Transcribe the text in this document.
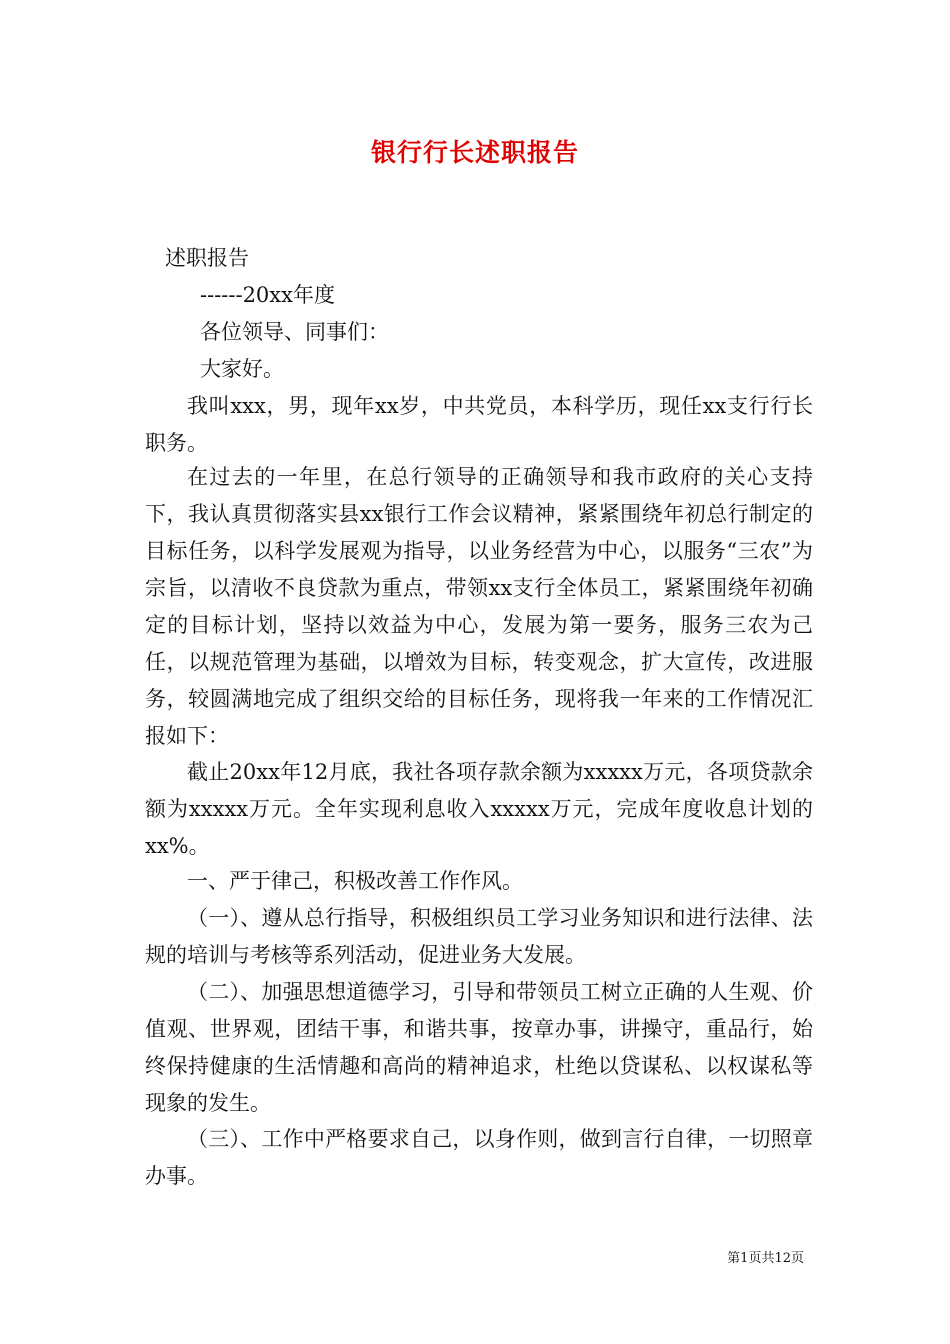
银行行长述职报告

述职报告

------20xx年度

各位领导、同事们：

大家好。

我叫xxx，男，现年xx岁，中共党员，本科学历，现任xx支行行长职务。

在过去的一年里，在总行领导的正确领导和我市政府的关心支持下，我认真贯彻落实县xx银行工作会议精神，紧紧围绕年初总行制定的目标任务，以科学发展观为指导，以业务经营为中心，以服务“三农”为宗旨，以清收不良贷款为重点，带领xx支行全体员工，紧紧围绕年初确定的目标计划，坚持以效益为中心，发展为第一要务，服务三农为己任，以规范管理为基础，以增效为目标，转变观念，扩大宣传，改进服务，较圆满地完成了组织交给的目标任务，现将我一年来的工作情况汇报如下：

截止20xx年12月底，我社各项存款余额为xxxxx万元，各项贷款余额为xxxxx万元。全年实现利息收入xxxxx万元，完成年度收息计划的xx%。

一、严于律己，积极改善工作作风。

（一）、遵从总行指导，积极组织员工学习业务知识和进行法律、法规的培训与考核等系列活动，促进业务大发展。

（二）、加强思想道德学习，引导和带领员工树立正确的人生观、价值观、世界观，团结干事，和谐共事，按章办事，讲操守，重品行，始终保持健康的生活情趣和高尚的精神追求，杜绝以贷谋私、以权谋私等现象的发生。

（三）、工作中严格要求自己，以身作则，做到言行自律，一切照章办事。

第1页共12页
